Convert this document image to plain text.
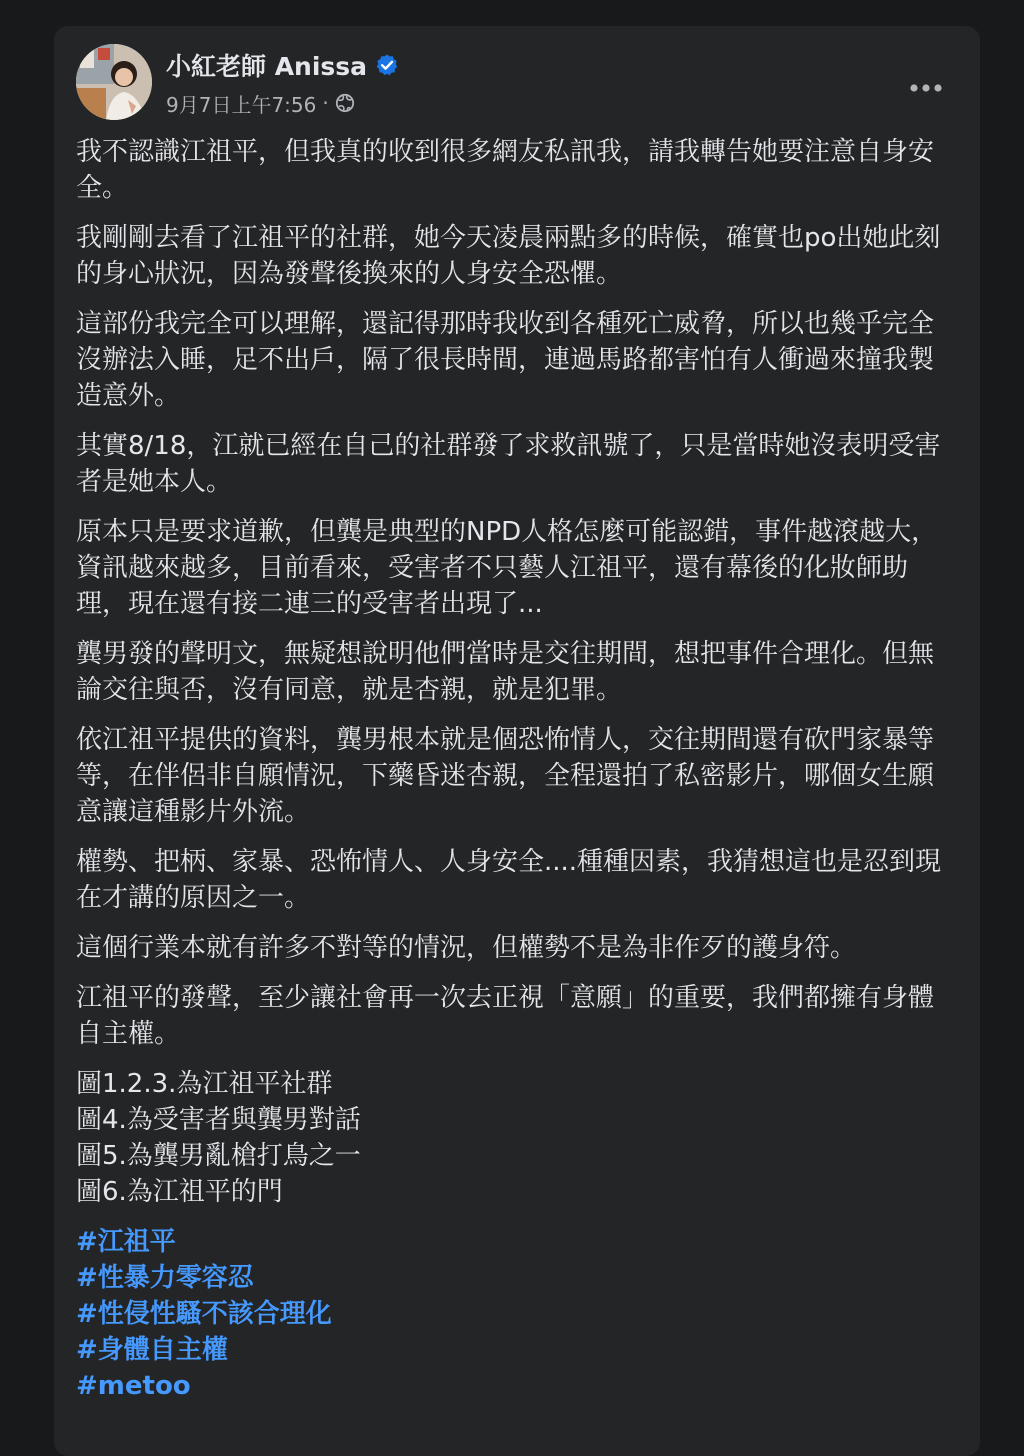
小紅老師 Anissa
9月7日上午7:56 ·

我不認識江祖平，但我真的收到很多網友私訊我，請我轉告她要注意自身安全。

我剛剛去看了江祖平的社群，她今天凌晨兩點多的時候，確實也po出她此刻的身心狀況，因為發聲後換來的人身安全恐懼。

這部份我完全可以理解，還記得那時我收到各種死亡威脅，所以也幾乎完全沒辦法入睡，足不出戶，隔了很長時間，連過馬路都害怕有人衝過來撞我製造意外。

其實8/18，江就已經在自己的社群發了求救訊號了，只是當時她沒表明受害者是她本人。

原本只是要求道歉，但龔是典型的NPD人格怎麼可能認錯，事件越滾越大，資訊越來越多，目前看來，受害者不只藝人江祖平，還有幕後的化妝師助理，現在還有接二連三的受害者出現了...

龔男發的聲明文，無疑想說明他們當時是交往期間，想把事件合理化。但無論交往與否，沒有同意，就是杏親，就是犯罪。

依江祖平提供的資料，龔男根本就是個恐怖情人，交往期間還有砍門家暴等等，在伴侶非自願情況，下藥昏迷杏親，全程還拍了私密影片，哪個女生願意讓這種影片外流。

權勢、把柄、家暴、恐怖情人、人身安全....種種因素，我猜想這也是忍到現在才講的原因之一。

這個行業本就有許多不對等的情況，但權勢不是為非作歹的護身符。

江祖平的發聲，至少讓社會再一次去正視「意願」的重要，我們都擁有身體自主權。

圖1.2.3.為江祖平社群
圖4.為受害者與龔男對話
圖5.為龔男亂槍打鳥之一
圖6.為江祖平的門
#江祖平
#性暴力零容忍
#性侵性騷不該合理化
#身體自主權
#metoo
